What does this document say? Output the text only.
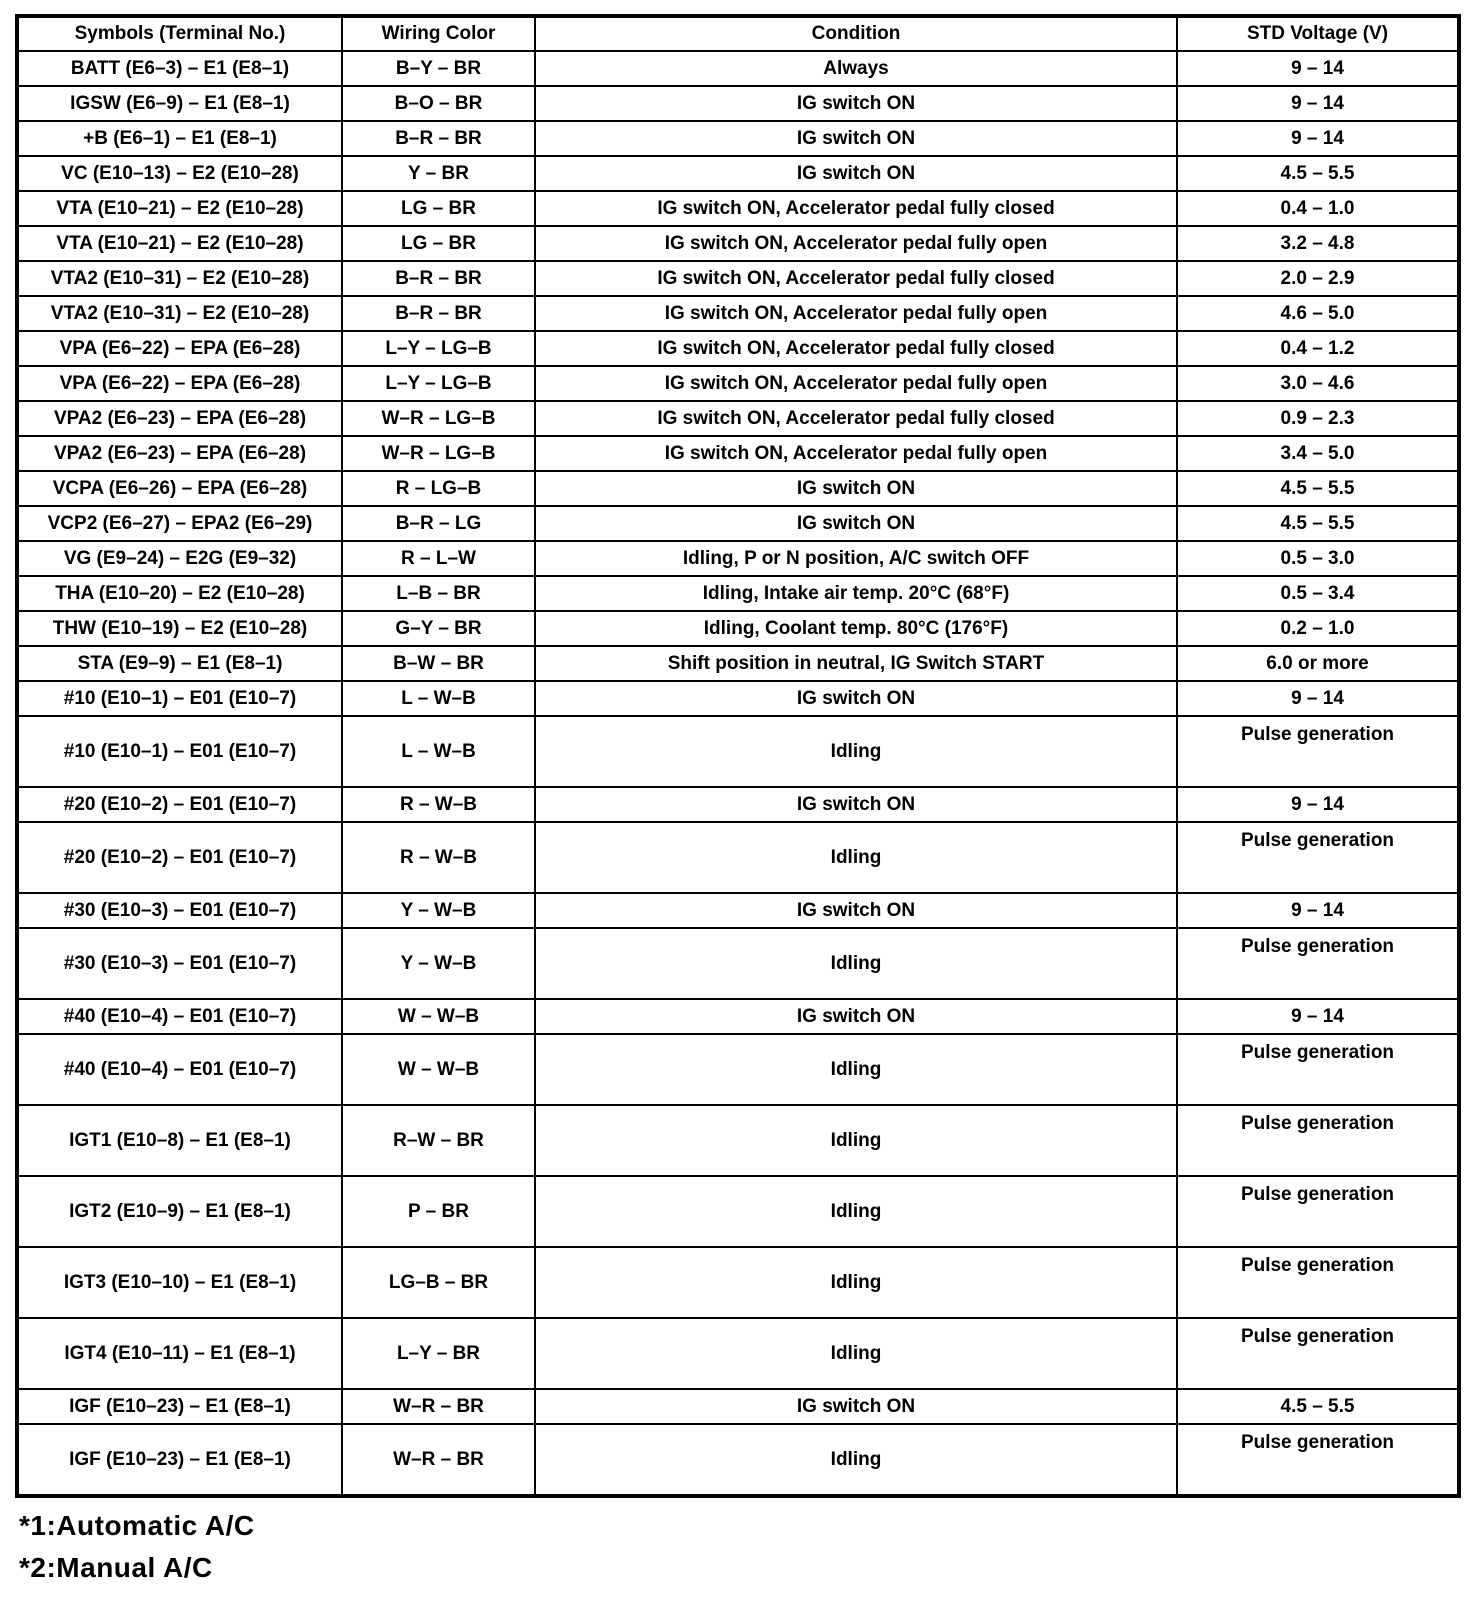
Symbols (Terminal No.)	Wiring Color	Condition	STD Voltage (V)
BATT (E6–3) – E1 (E8–1)	B–Y – BR	Always	9 – 14
IGSW (E6–9) – E1 (E8–1)	B–O – BR	IG switch ON	9 – 14
+B (E6–1) – E1 (E8–1)	B–R – BR	IG switch ON	9 – 14
VC (E10–13) – E2 (E10–28)	Y – BR	IG switch ON	4.5 – 5.5
VTA (E10–21) – E2 (E10–28)	LG – BR	IG switch ON, Accelerator pedal fully closed	0.4 – 1.0
VTA (E10–21) – E2 (E10–28)	LG – BR	IG switch ON, Accelerator pedal fully open	3.2 – 4.8
VTA2 (E10–31) – E2 (E10–28)	B–R – BR	IG switch ON, Accelerator pedal fully closed	2.0 – 2.9
VTA2 (E10–31) – E2 (E10–28)	B–R – BR	IG switch ON, Accelerator pedal fully open	4.6 – 5.0
VPA (E6–22) – EPA (E6–28)	L–Y – LG–B	IG switch ON, Accelerator pedal fully closed	0.4 – 1.2
VPA (E6–22) – EPA (E6–28)	L–Y – LG–B	IG switch ON, Accelerator pedal fully open	3.0 – 4.6
VPA2 (E6–23) – EPA (E6–28)	W–R – LG–B	IG switch ON, Accelerator pedal fully closed	0.9 – 2.3
VPA2 (E6–23) – EPA (E6–28)	W–R – LG–B	IG switch ON, Accelerator pedal fully open	3.4 – 5.0
VCPA (E6–26) – EPA (E6–28)	R – LG–B	IG switch ON	4.5 – 5.5
VCP2 (E6–27) – EPA2 (E6–29)	B–R – LG	IG switch ON	4.5 – 5.5
VG (E9–24) – E2G (E9–32)	R – L–W	Idling, P or N position, A/C switch OFF	0.5 – 3.0
THA (E10–20) – E2 (E10–28)	L–B – BR	Idling, Intake air temp. 20°C (68°F)	0.5 – 3.4
THW (E10–19) – E2 (E10–28)	G–Y – BR	Idling, Coolant temp. 80°C (176°F)	0.2 – 1.0
STA (E9–9) – E1 (E8–1)	B–W – BR	Shift position in neutral, IG Switch START	6.0 or more
#10 (E10–1) – E01 (E10–7)	L – W–B	IG switch ON	9 – 14
#10 (E10–1) – E01 (E10–7)	L – W–B	Idling	Pulse generation
#20 (E10–2) – E01 (E10–7)	R – W–B	IG switch ON	9 – 14
#20 (E10–2) – E01 (E10–7)	R – W–B	Idling	Pulse generation
#30 (E10–3) – E01 (E10–7)	Y – W–B	IG switch ON	9 – 14
#30 (E10–3) – E01 (E10–7)	Y – W–B	Idling	Pulse generation
#40 (E10–4) – E01 (E10–7)	W – W–B	IG switch ON	9 – 14
#40 (E10–4) – E01 (E10–7)	W – W–B	Idling	Pulse generation
IGT1 (E10–8) – E1 (E8–1)	R–W – BR	Idling	Pulse generation
IGT2 (E10–9) – E1 (E8–1)	P – BR	Idling	Pulse generation
IGT3 (E10–10) – E1 (E8–1)	LG–B – BR	Idling	Pulse generation
IGT4 (E10–11) – E1 (E8–1)	L–Y – BR	Idling	Pulse generation
IGF (E10–23) – E1 (E8–1)	W–R – BR	IG switch ON	4.5 – 5.5
IGF (E10–23) – E1 (E8–1)	W–R – BR	Idling	Pulse generation
*1:Automatic A/C
*2:Manual A/C
